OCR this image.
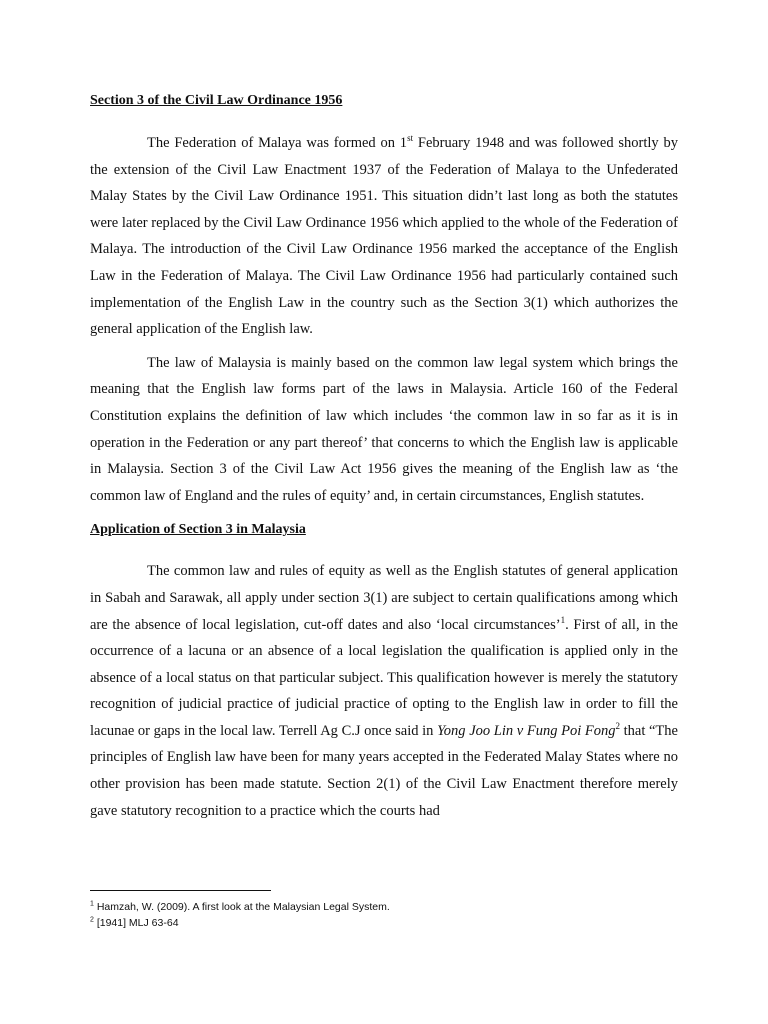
Section 3 of the Civil Law Ordinance 1956

The Federation of Malaya was formed on 1st February 1948 and was followed shortly by the extension of the Civil Law Enactment 1937 of the Federation of Malaya to the Unfederated Malay States by the Civil Law Ordinance 1951. This situation didn’t last long as both the statutes were later replaced by the Civil Law Ordinance 1956 which applied to the whole of the Federation of Malaya. The introduction of the Civil Law Ordinance 1956 marked the acceptance of the English Law in the Federation of Malaya. The Civil Law Ordinance 1956 had particularly contained such implementation of the English Law in the country such as the Section 3(1) which authorizes the general application of the English law.

The law of Malaysia is mainly based on the common law legal system which brings the meaning that the English law forms part of the laws in Malaysia. Article 160 of the Federal Constitution explains the definition of law which includes ‘the common law in so far as it is in operation in the Federation or any part thereof’ that concerns to which the English law is applicable in Malaysia. Section 3 of the Civil Law Act 1956 gives the meaning of the English law as ‘the common law of England and the rules of equity’ and, in certain circumstances, English statutes.

Application of Section 3 in Malaysia

The common law and rules of equity as well as the English statutes of general application in Sabah and Sarawak, all apply under section 3(1) are subject to certain qualifications among which are the absence of local legislation, cut-off dates and also ‘local circumstances’$^1$. First of all, in the occurrence of a lacuna or an absence of a local legislation the qualification is applied only in the absence of a local status on that particular subject. This qualification however is merely the statutory recognition of judicial practice of judicial practice of opting to the English law in order to fill the lacunae or gaps in the local law. Terrell Ag C.J once said in Yong Joo Lin v Fung Poi Fong$^2$ that “The principles of English law have been for many years accepted in the Federated Malay States where no other provision has been made statute. Section 2(1) of the Civil Law Enactment therefore merely gave statutory recognition to a practice which the courts had

$^1$ Hamzah, W. (2009). A first look at the Malaysian Legal System.
$^2$ [1941] MLJ 63-64
